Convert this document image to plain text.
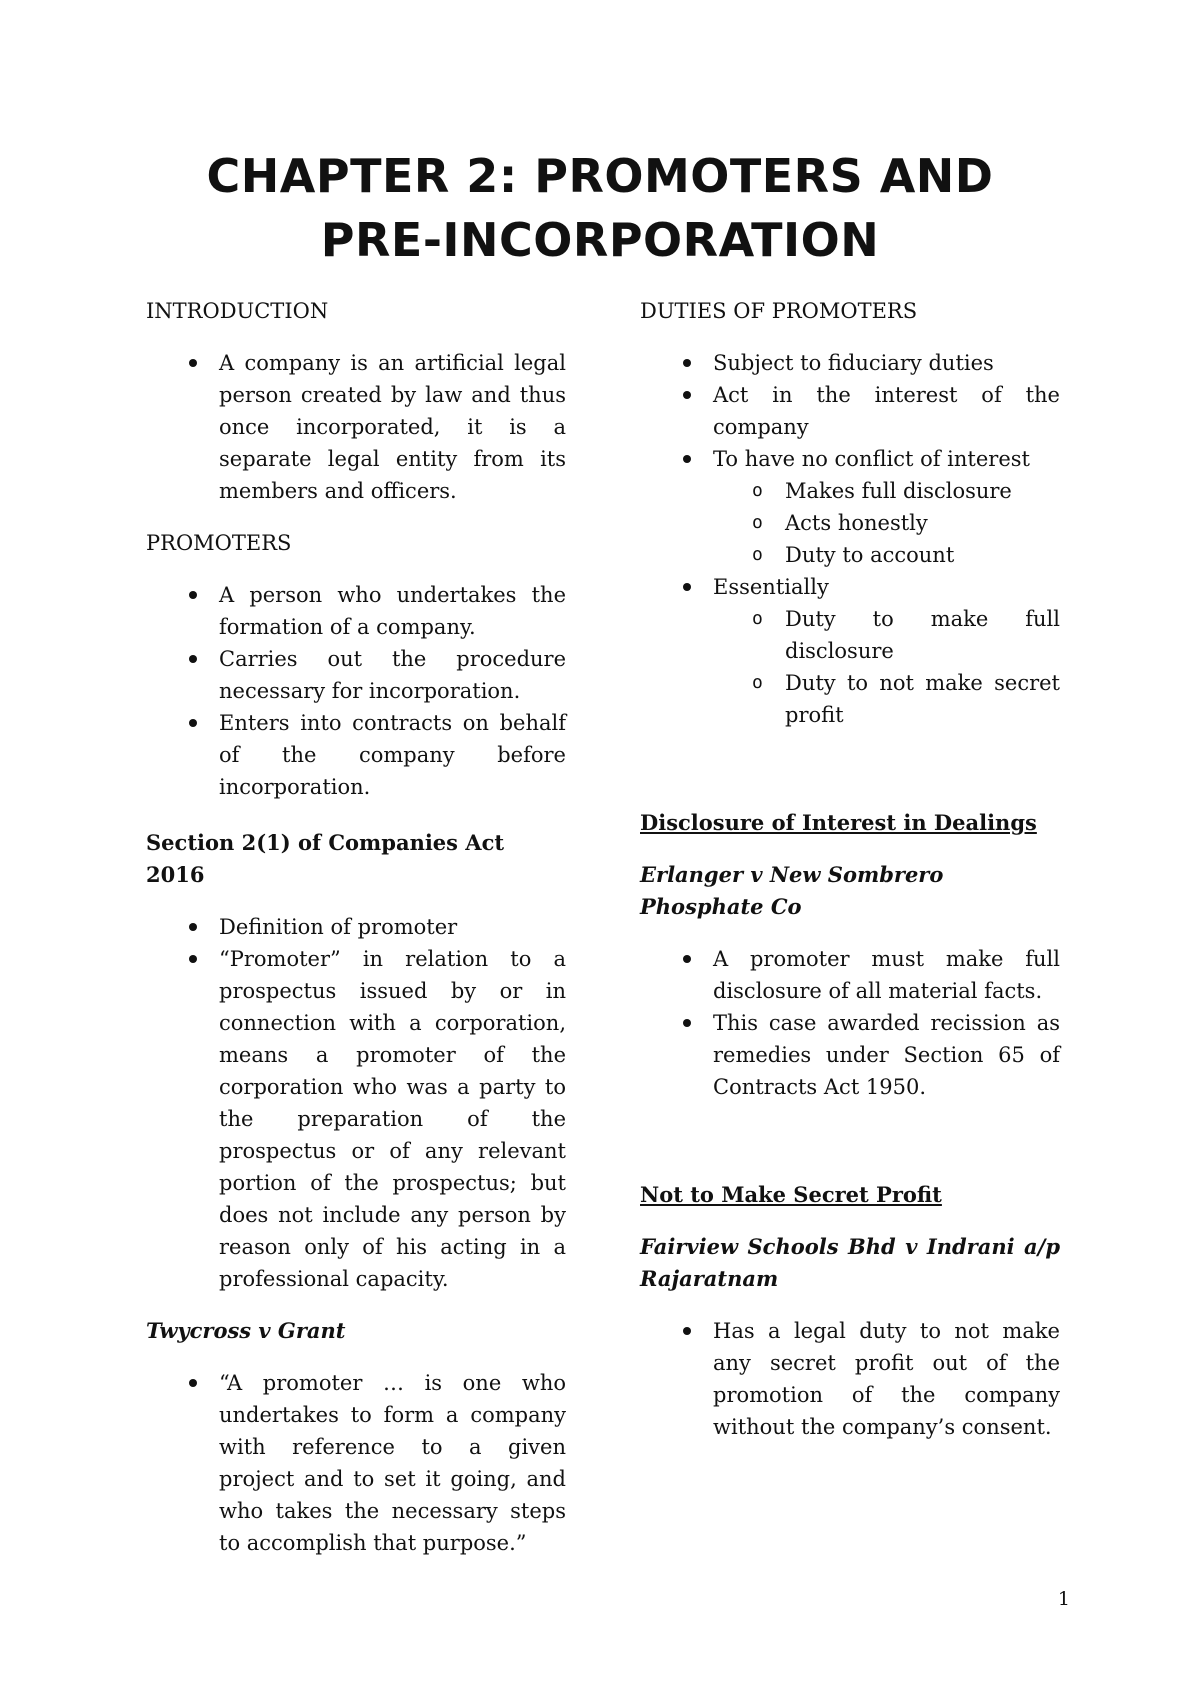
CHAPTER 2: PROMOTERS AND
PRE-INCORPORATION

INTRODUCTION

A company is an artificial legal person created by law and thus once incorporated, it is a separate legal entity from its members and officers.

PROMOTERS

A person who undertakes the formation of a company.
Carries out the procedure necessary for incorporation.
Enters into contracts on behalf of the company before incorporation.

Section 2(1) of Companies Act 2016

Definition of promoter
“Promoter” in relation to a prospectus issued by or in connection with a corporation, means a promoter of the corporation who was a party to the preparation of the prospectus or of any relevant portion of the prospectus; but does not include any person by reason only of his acting in a professional capacity.

Twycross v Grant

“A promoter … is one who undertakes to form a company with reference to a given project and to set it going, and who takes the necessary steps to accomplish that purpose.”

DUTIES OF PROMOTERS

Subject to fiduciary duties
Act in the interest of the company
To have no conflict of interest
o Makes full disclosure
o Acts honestly
o Duty to account
Essentially
o Duty to make full disclosure
o Duty to not make secret profit

Disclosure of Interest in Dealings

Erlanger v New Sombrero Phosphate Co

A promoter must make full disclosure of all material facts.
This case awarded recission as remedies under Section 65 of Contracts Act 1950.

Not to Make Secret Profit

Fairview Schools Bhd v Indrani a/p Rajaratnam

Has a legal duty to not make any secret profit out of the promotion of the company without the company’s consent.
1
